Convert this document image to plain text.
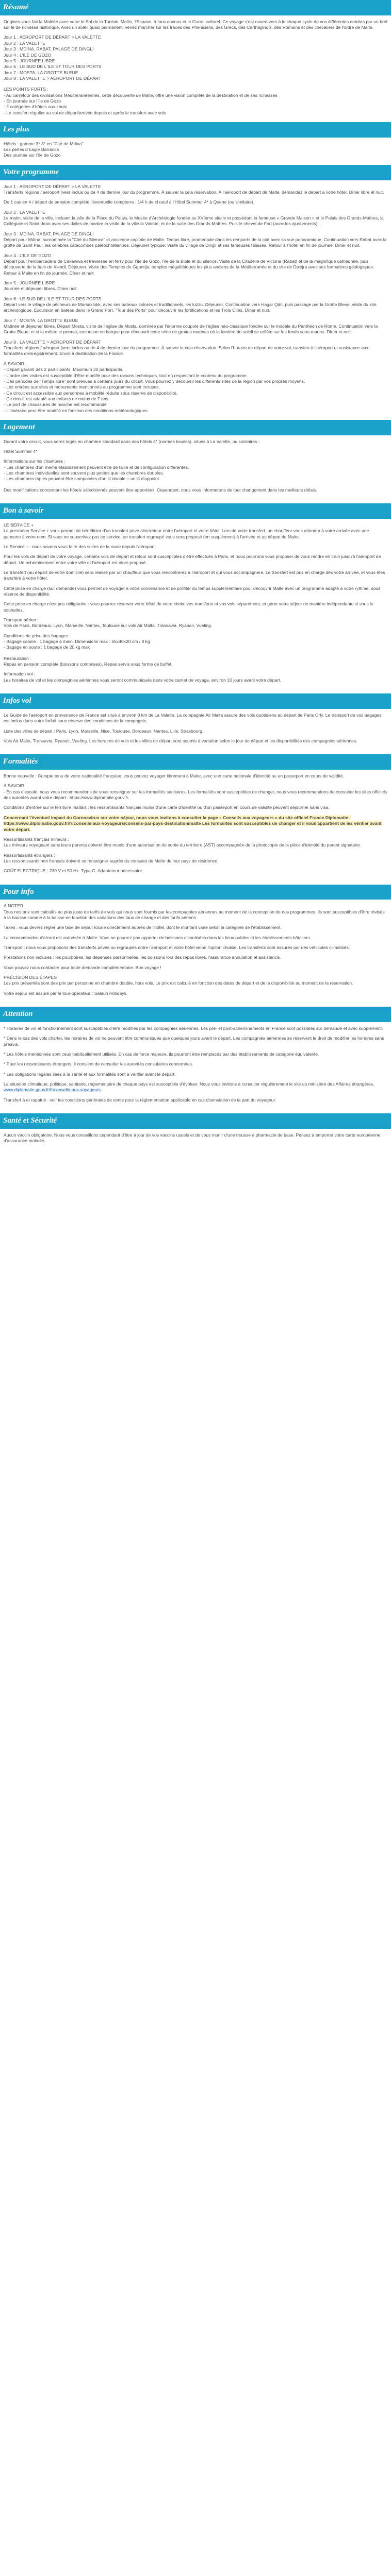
Résumé

Origines vous fait la Maltiée avec votre le Sol de la Tunisie, Maltis, l'Espace, à tous connus et le Gurrel culturel. Ce voyage s'est ouvert vers à le chaque cycle de vos différentes entrées par un bref sur le de richesse historique. Avec un soleil quasi permanent, venez marcher sur les traces des Phéniciens, des Grecs, des Carthaginois, des Romains et des chevaliers de l'ordre de Malte.

Jour 1 : AÉROPORT DE DÉPART > LA VALETTE
Jour 2 : LA VALETTE
Jour 3 : MDINA, RABAT, PALAGE DE DINGLI
Jour 4 : L'ILE DE GOZO
Jour 5 : JOURNÉE LIBRE
Jour 6 : LE SUD DE L'ILE ET TOUR DES PORTS
Jour 7 : MOSTA, LA GROTTE BLEUE
Jour 8 : LA VALETTE > AÉROPORT DE DÉPART
LES POINTS FORTS :
- Au carrefour des civilisations Méditerranéennes, cette découverte de Malte, offre une vision complète de la destination et de ses richesses
- En journée sur l'île de Gozo
- 2 catégories d'hôtels aux choix
- Le transfert régulier au vol de départ/arrivée depuis et après le transfert avec vols
Les plus
Hôtels : gamme 3* 3* en "Cité de Mdina"
Les perles d'Eagle Barracca
Des journée sur l'île de Gozo
Votre programme
Jour 1 : AÉROPORT DE DÉPART > LA VALETTE

Transferts régions / aéroport (vers inclus ou de 4 de dernier jour du programme. À sauver la cela réservation. À l'aéroport de départ de Malte, demandez le départ à votre hôtel. Dîner libre et nuit.

Du 1 cas en 4 / départ de pension complète l'éventuelle compterra : 1/4 h de cl oeuf à l'Hôtel Summer 4* à Quene (ou similaire).

Jour 2 : LA VALETTE

Le matin, visite de la ville, incluant la jolie de la Place du Palais, le Musée d'Archéologie fondée au XVIème siècle et possédant la fameuse « Grande Maison » et le Palais des Grands-Maîtres, la Collégiale et Saint-Jean avec ses dalles de marbre la visite de la ville la Valette, et de la suite des Grands-Maîtres. Puis le chevet de Fort (avec les ajustements).

Jour 3 : MDINA, RABAT, PALAGE DE DINGLI

Départ pour Mdina, surnommée la "Cité du Silence" et ancienne capitale de Malte. Temps libre, promenade dans les remparts de la cité avec sa vue panoramique. Continuation vers Rabat avec la grotte de Saint Paul, les célèbres catacombes paléochrétiennes. Déjeuner typique. Visite du village de Dingli et ses fameuses falaises, Retour à l'hôtel en fin de journée. Dîner et nuit.

Jour 4 : L'ILE DE GOZO

Départ pour l'embarcadère de Cirkewwa et traversée en ferry pour l'île de Gozo, l'île de la Bible et du silence. Visite de la Citadelle de Victoria (Rabat) et de la magnifique cathédrale, puis découverte de la baie de Xlendi. Déjeuner. Visite des Temples de Ggantija, temples mégalithiques les plus anciens de la Méditerranée et du site de Dwejra avec ses formations géologiques. Retour à Malte en fin de journée. Dîner et nuit.

Jour 5 : JOURNÉE LIBRE

Journée et déjeuner libres. Dîner nuit.

Jour 6 : LE SUD DE L'ILE ET TOUR DES PORTS

Départ vers le village de pêcheurs de Marsaxlokk, avec ses bateaux colorés et traditionnels, les luzzu. Déjeuner. Continuation vers Hagar Qim, puis passage par la Grotte Bleue, visite du site archéologique. Excursion en bateau dans le Grand Port, "Tour des Ports" pour découvrir les fortifications et les Trois Cités. Dîner et nuit.

Jour 7 : MOSTA, LA GROTTE BLEUE

Matinée et déjeuner libres. Départ Mosta, visite de l'église de Mosta, dominée par l'énorme coupole de l'église néo-classique fondée sur le modèle du Panthéon de Rome. Continuation vers la Grotte Bleue, et si la météo le permet, excursion en barque pour découvrir cette série de grottes marines où la lumière du soleil se reflète sur les fonds sous-marins. Dîner et nuit.

Jour 8 : LA VALETTE > AÉROPORT DE DÉPART

Transferts régions / aéroport (vers inclus ou de 4 de dernier jour du programme. À sauver la cela réservation. Selon l'horaire de départ de votre vol, transfert à l'aéroport et assistance aux formalités d'enregistrement. Envol à destination de la France.

À SAVOIR :
- Départ garanti dès 2 participants. Maximum 30 participants.
- L'ordre des visites est susceptible d'être modifié pour des raisons techniques, tout en respectant le contenu du programme.
- Des périodes de "Temps libre" sont prévues à certains jours du circuit. Vous pourrez y découvrir les différents sites de la région par vos propres moyens.
- Les entrées aux sites et monuments mentionnés au programme sont incluses.
- Ce circuit est accessible aux personnes à mobilité réduite sous réserve de disponibilité.
- Ce circuit est adapté aux enfants de moins de 7 ans.
- Le port de chaussures de marche est recommandé.
- L'itinéraire peut être modifié en fonction des conditions météorologiques.
Logement

Durant votre circuit, vous serez logés en chambre standard dans des hôtels 4* (normes locales), situés à La Valette, ou similaires :

Hôtel Summer 4*

Informations sur les chambres :
- Les chambres d'un même établissement peuvent être de taille et de configuration différentes.
- Les chambres individuelles sont souvent plus petites que les chambres doubles.
- Les chambres triples peuvent être composées d'un lit double + un lit d'appoint.

Des modifications concernant les hôtels sélectionnés peuvent être apportées. Cependant, nous vous informerons de tout changement dans les meilleurs délais.

Bon à savoir
LE SERVICE +

La prestation Service + vous permet de bénéficier d'un transfert privé aller/retour entre l'aéroport et votre hôtel. Lors de votre transfert, un chauffeur vous attendra à votre arrivée avec une pancarte à votre nom. Si vous ne souscrivez pas ce service, un transfert regroupé vous sera proposé (en supplément) à l'arrivée et au départ de Malte.

Le Service + : nous savons vous faire des suites de la route depuis l'aéroport.

Pour les vols de départ de votre voyage, certains vols de départ et retour sont susceptibles d'être effectués à Paris, et nous pourrons vous proposer de vous rendre en train jusqu'à l'aéroport de départ. Un acheminement entre votre ville et l'aéroport est alors proposé.

Le transfert (au départ de votre domicile) sera réalisé par un chauffeur que vous rencontrerez à l'aéroport et qui vous accompagnera. Le transfert est pris en charge dès votre arrivée, et vous êtes transféré à votre hôtel.

Cette prise en charge (sur demande) vous permet de voyager à votre convenance et de profiter du temps supplémentaire pour découvrir Malte avec un programme adapté à votre rythme, sous réserve de disponibilité.

Cette prise en charge n'est pas obligatoire : vous pourrez réserver votre hôtel de votre choix, vos transferts et vos vols séparément, et gérer votre séjour de manière indépendante si vous le souhaitez.

Transport aérien :

Vols de Paris, Bordeaux, Lyon, Marseille, Nantes, Toulouse sur vols Air Malta, Transavia, Ryanair, Vueling.

Conditions de prise des bagages :
- Bagage cabine : 1 bagage à main. Dimensions max : 55x40x20 cm / 8 kg
- Bagage en soute : 1 bagage de 20 kg max
Restauration :

Repas en pension complète (boissons comprises). Repas servis sous forme de buffet.

Information vol :

Les horaires de vol et les compagnies aériennes vous seront communiqués dans votre carnet de voyage, environ 10 jours avant votre départ.

Infos vol

Le Guide de l'aéroport en provenance de France est situé à environ 8 km de La Valette. La compagnie Air Malta assure des vols quotidiens au départ de Paris Orly. Le transport de vos bagages est inclus dans votre forfait sous réserve des conditions de la compagnie.

Liste des villes de départ : Paris, Lyon, Marseille, Nice, Toulouse, Bordeaux, Nantes, Lille, Strasbourg.

Vols Air Malta, Transavia, Ryanair, Vueling. Les horaires de vols et les villes de départ sont soumis à variation selon le jour de départ et les disponibilités des compagnies aériennes.

Formalités

Bonne nouvelle : Compte tenu de votre nationalité française, vous pouvez voyager librement à Malte, avec une carte nationale d'identité ou un passeport en cours de validité.

À SAVOIR

- En cas d'escale, nous vous recommandons de vous renseigner sur les formalités sanitaires. Les formalités sont susceptibles de changer, nous vous recommandons de consulter les sites officiels des autorités avant votre départ : https://www.diplomatie.gouv.fr.

Conditions d'entrée sur le territoire maltais : les ressortissants français munis d'une carte d'identité ou d'un passeport en cours de validité peuvent séjourner sans visa.

Concernant l'éventuel impact du Coronavirus sur votre séjour, nous vous invitons à consulter la page « Conseils aux voyageurs » du site officiel France Diplomatie : https://www.diplomatie.gouv.fr/fr/conseils-aux-voyageurs/conseils-par-pays-destination/malte Les formalités sont susceptibles de changer et il vous appartient de les vérifier avant votre départ.

Ressortissants français mineurs :

Les mineurs voyageant sans leurs parents doivent être munis d'une autorisation de sortie du territoire (AST) accompagnée de la photocopie de la pièce d'identité du parent signataire.

Ressortissants étrangers :

Les ressortissants non français doivent se renseigner auprès du consulat de Malte de leur pays de résidence.

COÛT ÉLECTRIQUE : 230 V et 50 Hz. Type G. Adaptateur nécessaire.

Pour info
À NOTER

Tous nos prix sont calculés au plus juste de tarifs de vols qui nous sont fournis par les compagnies aériennes au moment de la conception de nos programmes. Ils sont susceptibles d'être révisés à la hausse comme à la baisse en fonction des variations des taux de change et des tarifs aériens.

Taxes : vous devrez régler une taxe de séjour locale directement auprès de l'hôtel, dont le montant varie selon la catégorie de l'établissement.

La consommation d'alcool est autorisée à Malte. Vous ne pourrez pas apporter de boissons alcoolisées dans les lieux publics et les établissements hôteliers.

Transport : nous vous proposons des transferts privés ou regroupés entre l'aéroport et votre hôtel selon l'option choisie. Les transferts sont assurés par des véhicules climatisés.

Prestations non incluses : les pourboires, les dépenses personnelles, les boissons lors des repas libres, l'assurance annulation et assistance.

Vous pouvez nous contacter pour toute demande complémentaire. Bon voyage !

PRÉCISION DES ÉTAPES

Les prix présentés sont des prix par personne en chambre double, hors vols. Le prix est calculé en fonction des dates de départ et de la disponibilité au moment de la réservation.

Votre séjour est assuré par le tour-opérateur : Salaün Holidays.

Attention

* Horaires de vol et fonctionnement sont susceptibles d'être modifiés par les compagnies aériennes. Les pré- et post-acheminements en France sont possibles sur demande et avec supplément.

* Dans le cas des vols charter, les horaires de vol ne peuvent être communiqués que quelques jours avant le départ. Les compagnies aériennes se réservent le droit de modifier les horaires sans préavis.

* Les hôtels mentionnés sont ceux habituellement utilisés. En cas de force majeure, ils pourront être remplacés par des établissements de catégorie équivalente.

* Pour les ressortissants étrangers, il convient de consulter les autorités consulaires concernées.

* Les obligations légales liées à la santé et aux formalités sont à vérifier avant le départ.

La situation climatique, politique, sanitaire, réglementaire de chaque pays est susceptible d'évoluer. Nous vous invitons à consulter régulièrement le site du ministère des Affaires étrangères. www.diplomatie.gouv.fr/fr/conseils-aux-voyageurs

Transfert à et rapatrié : voir les conditions générales de vente pour la réglementation applicable en cas d'annulation de la part du voyageur.

Santé et Sécurité

Aucun vaccin obligatoire. Nous vous conseillons cependant d'être à jour de vos vaccins usuels et de vous munir d'une trousse à pharmacie de base. Pensez à emporter votre carte européenne d'assurance maladie.
